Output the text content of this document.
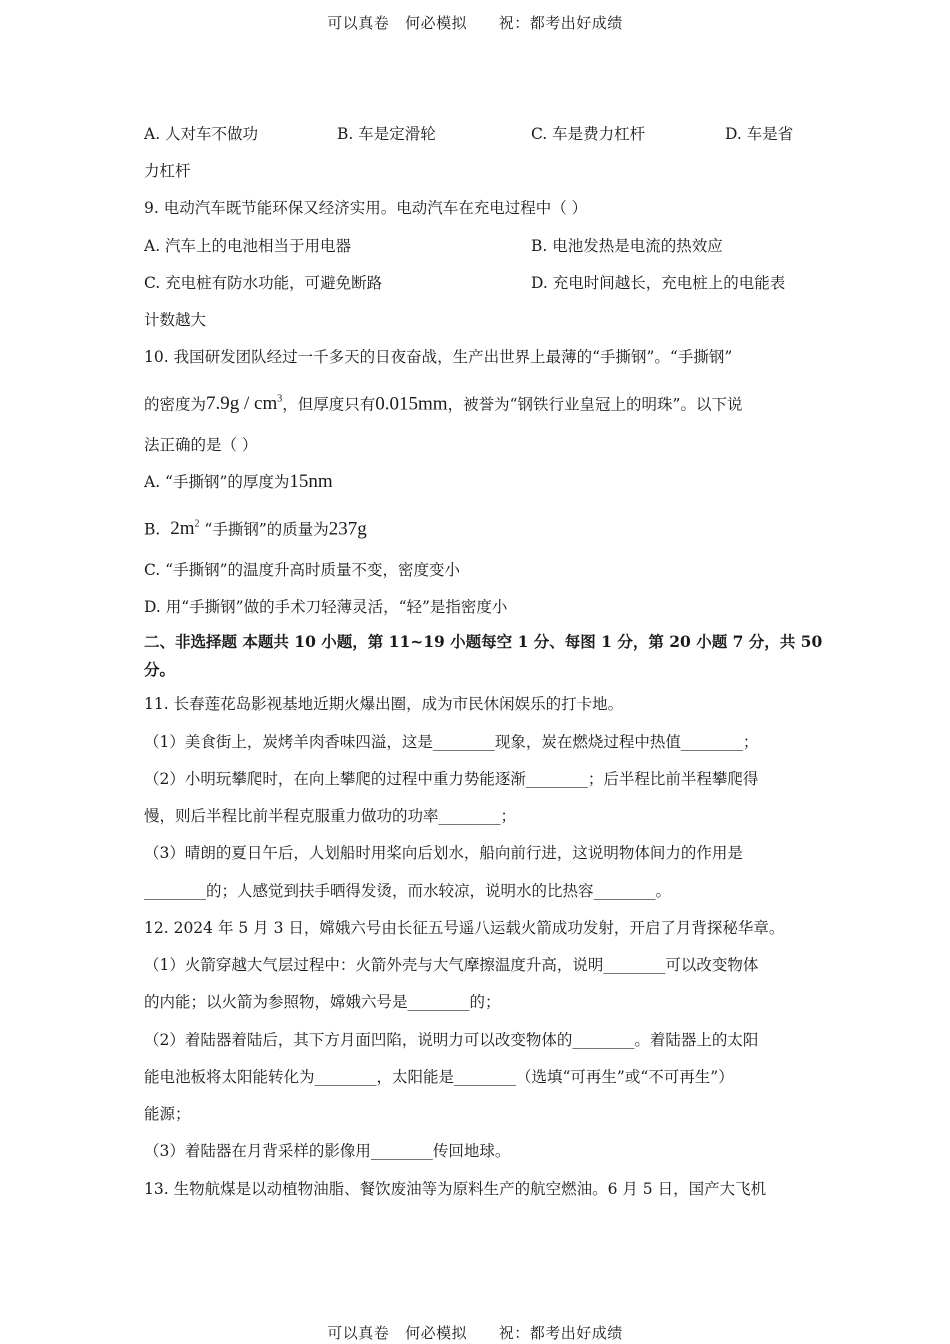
可以真卷 何必模拟 祝：都考出好成绩
A. 人对车不做功	B. 车是定滑轮	C. 车是费力杠杆	D. 车是省
力杠杆
9. 电动汽车既节能环保又经济实用。电动汽车在充电过程中（ ）
A. 汽车上的电池相当于用电器	B. 电池发热是电流的热效应
C. 充电桩有防水功能，可避免断路	D. 充电时间越长，充电桩上的电能表
计数越大
10. 我国研发团队经过一千多天的日夜奋战，生产出世界上最薄的“手撕钢”。“手撕钢”
的密度为$7.9g / cm^3$，但厚度只有0.015mm，被誉为“钢铁行业皇冠上的明珠”。以下说
法正确的是（ ）
A. “手撕钢”的厚度为15nm
B. $2m^2$ “手撕钢”的质量为237g
C. “手撕钢”的温度升高时质量不变，密度变小
D. 用“手撕钢”做的手术刀轻薄灵活，“轻”是指密度小
二、非选择题 本题共 10 小题，第 11~19 小题每空 1 分、每图 1 分，第 20 小题 7 分，共 50
分。
11. 长春莲花岛影视基地近期火爆出圈，成为市民休闲娱乐的打卡地。
（1）美食街上，炭烤羊肉香味四溢，这是________现象，炭在燃烧过程中热值________；
（2）小明玩攀爬时，在向上攀爬的过程中重力势能逐渐________；后半程比前半程攀爬得
慢，则后半程比前半程克服重力做功的功率________；
（3）晴朗的夏日午后，人划船时用桨向后划水，船向前行进，这说明物体间力的作用是
________的；人感觉到扶手晒得发烫，而水较凉，说明水的比热容________。
12. 2024 年 5 月 3 日，嫦娥六号由长征五号遥八运载火箭成功发射，开启了月背探秘华章。
（1）火箭穿越大气层过程中：火箭外壳与大气摩擦温度升高，说明________可以改变物体
的内能；以火箭为参照物，嫦娥六号是________的；
（2）着陆器着陆后，其下方月面凹陷，说明力可以改变物体的________。着陆器上的太阳
能电池板将太阳能转化为________，太阳能是________（选填“可再生”或“不可再生”）
能源；
（3）着陆器在月背采样的影像用________传回地球。
13. 生物航煤是以动植物油脂、餐饮废油等为原料生产的航空燃油。6 月 5 日，国产大飞机
可以真卷 何必模拟 祝：都考出好成绩
